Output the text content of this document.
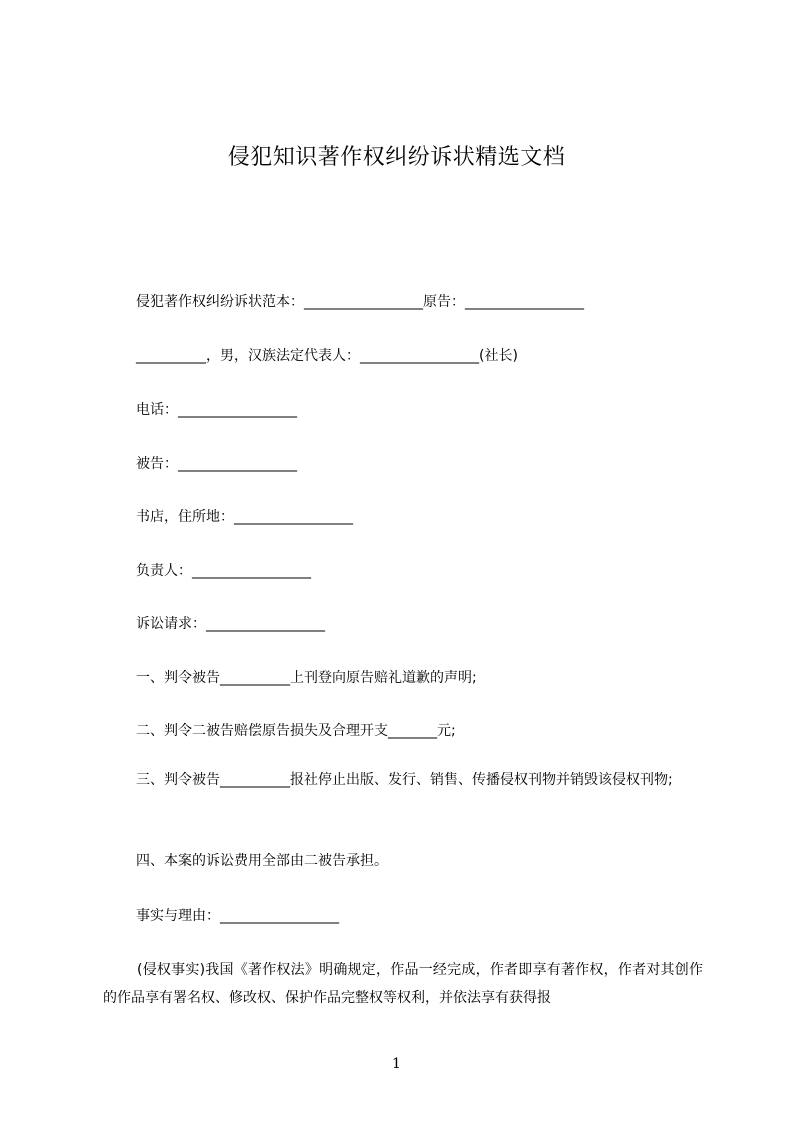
侵犯知识著作权纠纷诉状精选文档
侵犯著作权纠纷诉状范本：_________________原告：_________________
__________，男，汉族法定代表人：_________________(社长)
电话：_________________
被告：_________________
书店，住所地：_________________
负责人：_________________
诉讼请求：_________________
一、判令被告__________上刊登向原告赔礼道歉的声明;
二、判令二被告赔偿原告损失及合理开支_______元;
三、判令被告__________报社停止出版、发行、销售、传播侵权刊物并销毁该侵权刊物;
四、本案的诉讼费用全部由二被告承担。
事实与理由：_________________
(侵权事实)我国《著作权法》明确规定，作品一经完成，作者即享有著作权，作者对其创作的作品享有署名权、修改权、保护作品完整权等权利，并依法享有获得报
1
